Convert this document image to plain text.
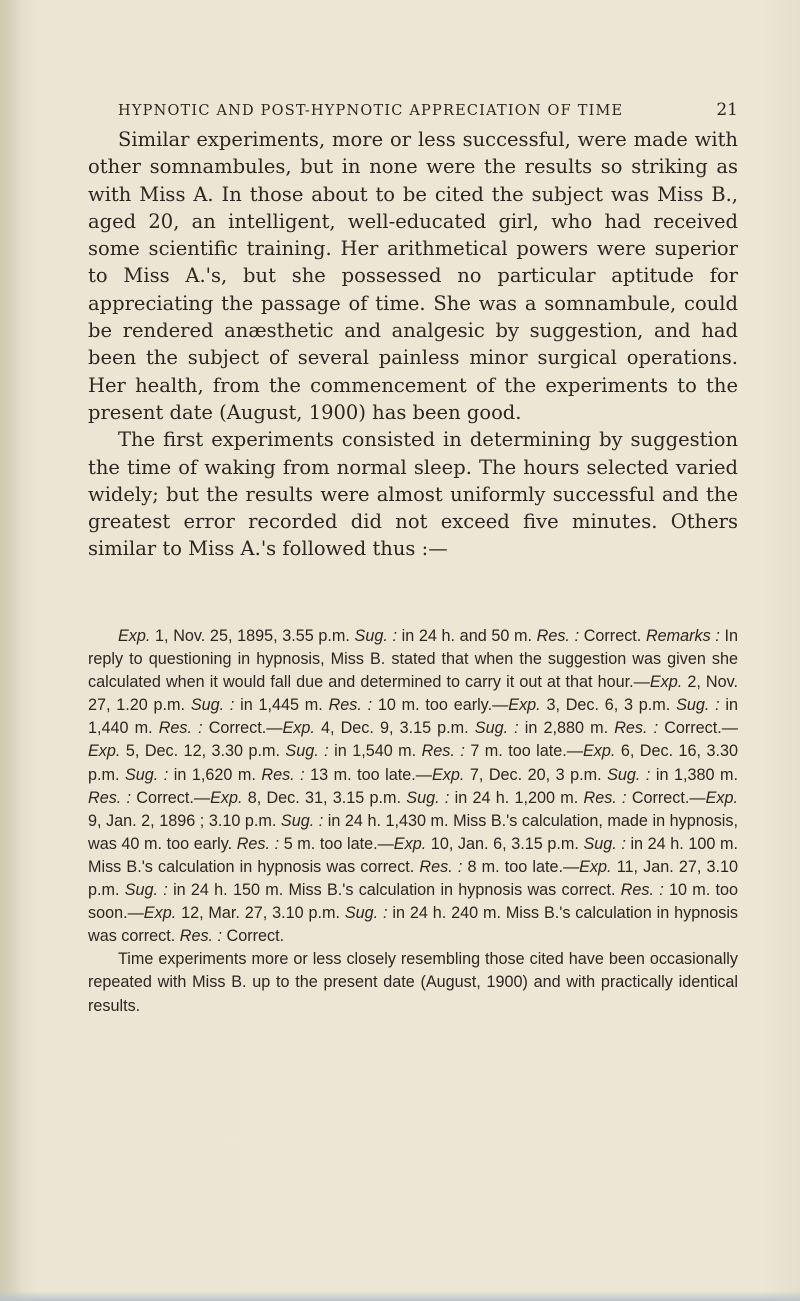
HYPNOTIC AND POST-HYPNOTIC APPRECIATION OF TIME	21

Similar experiments, more or less successful, were made with other somnambules, but in none were the results so striking as with Miss A. In those about to be cited the subject was Miss B., aged 20, an intelligent, well-educated girl, who had received some scientific training. Her arithmetical powers were superior to Miss A.'s, but she possessed no particular aptitude for appreciating the passage of time. She was a somnambule, could be rendered anæsthetic and analgesic by suggestion, and had been the subject of several painless minor surgical operations. Her health, from the commencement of the experiments to the present date (August, 1900) has been good.

The first experiments consisted in determining by suggestion the time of waking from normal sleep. The hours selected varied widely; but the results were almost uniformly successful and the greatest error recorded did not exceed five minutes. Others similar to Miss A.'s followed thus :—

Exp. 1, Nov. 25, 1895, 3.55 p.m. Sug. : in 24 h. and 50 m. Res. : Correct. Remarks : In reply to questioning in hypnosis, Miss B. stated that when the suggestion was given she calculated when it would fall due and determined to carry it out at that hour.—Exp. 2, Nov. 27, 1.20 p.m. Sug. : in 1,445 m. Res. : 10 m. too early.—Exp. 3, Dec. 6, 3 p.m. Sug. : in 1,440 m. Res. : Correct.—Exp. 4, Dec. 9, 3.15 p.m. Sug. : in 2,880 m. Res. : Correct.—Exp. 5, Dec. 12, 3.30 p.m. Sug. : in 1,540 m. Res. : 7 m. too late.—Exp. 6, Dec. 16, 3.30 p.m. Sug. : in 1,620 m. Res. : 13 m. too late.—Exp. 7, Dec. 20, 3 p.m. Sug. : in 1,380 m. Res. : Correct.—Exp. 8, Dec. 31, 3.15 p.m. Sug. : in 24 h. 1,200 m. Res. : Correct.—Exp. 9, Jan. 2, 1896 ; 3.10 p.m. Sug. : in 24 h. 1,430 m. Miss B.'s calculation, made in hypnosis, was 40 m. too early. Res. : 5 m. too late.—Exp. 10, Jan. 6, 3.15 p.m. Sug. : in 24 h. 100 m. Miss B.'s calculation in hypnosis was correct. Res. : 8 m. too late.—Exp. 11, Jan. 27, 3.10 p.m. Sug. : in 24 h. 150 m. Miss B.'s calculation in hypnosis was correct. Res. : 10 m. too soon.—Exp. 12, Mar. 27, 3.10 p.m. Sug. : in 24 h. 240 m. Miss B.'s calculation in hypnosis was correct. Res. : Correct.

Time experiments more or less closely resembling those cited have been occasionally repeated with Miss B. up to the present date (August, 1900) and with practically identical results.
